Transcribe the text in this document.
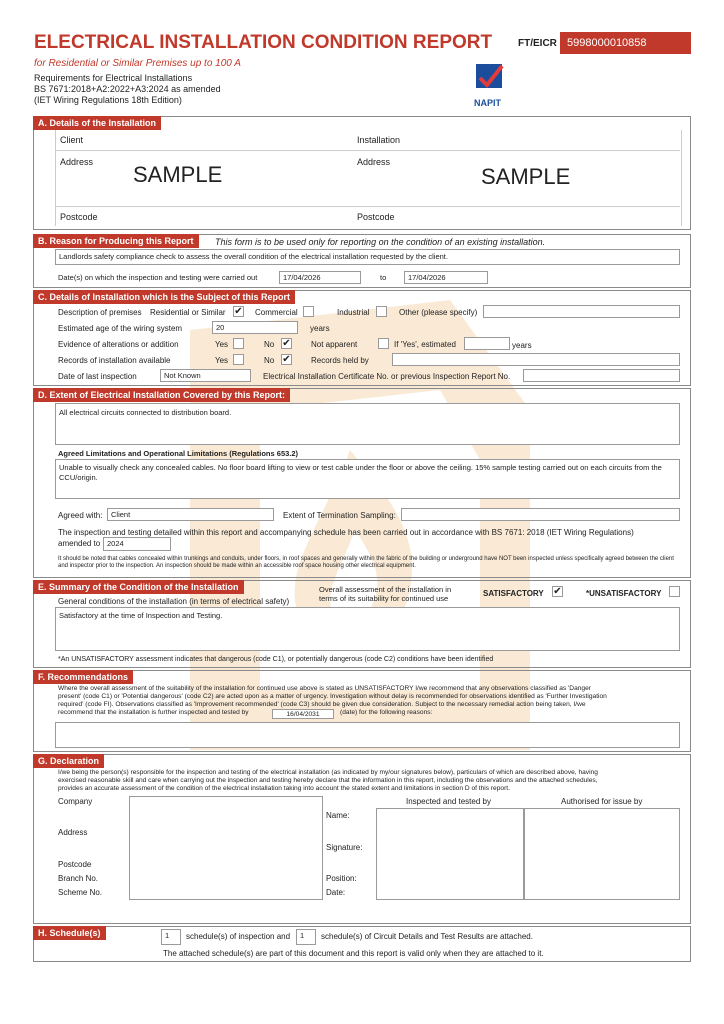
ELECTRICAL INSTALLATION CONDITION REPORT	FT/EICR 5998000010858
for Residential or Similar Premises up to 100 A
Requirements for Electrical Installations
BS 7671:2018+A2:2022+A3:2024 as amended
(IET Wiring Regulations 18th Edition)	NAPIT
A. Details of the Installation
Client	Installation
Address	Address
SAMPLE	SAMPLE
Postcode	Postcode
B. Reason for Producing this Report	This form is to be used only for reporting on the condition of an existing installation.
Landlords safety compliance check to assess the overall condition of the electrical installation requested by the client.
Date(s) on which the inspection and testing were carried out	17/04/2026	to	17/04/2026
C. Details of Installation which is the Subject of this Report
Description of premises Residential or Similar ✔ Commercial	Industrial	Other (please specify)
Estimated age of the wiring system	20	years
Evidence of alterations or addition	Yes	No ✔	Not apparent	If 'Yes', estimated	years
Records of installation available	Yes	No ✔	Records held by
Date of last inspection	Not Known	Electrical Installation Certificate No. or previous Inspection Report No.
D. Extent of Electrical Installation Covered by this Report:
All electrical circuits connected to distribution board.
Agreed Limitations and Operational Limitations (Regulations 653.2)
Unable to visually check any concealed cables. No floor board lifting to view or test cable under the floor or above the ceiling. 15% sample testing carried out on each circuits from the CCU/origin.
Agreed with:	Client	Extent of Termination Sampling:
The inspection and testing detailed within this report and accompanying schedule has been carried out in accordance with BS 7671: 2018 (IET Wiring Regulations)
amended to 2024
It should be noted that cables concealed within trunkings and conduits, under floors, in roof spaces and generally within the fabric of the building or underground have NOT been inspected unless specifically agreed between the client and inspector prior to the inspection. An inspection should be made within an accessible roof space housing other electrical equipment.
E. Summary of the Condition of the Installation
General conditions of the installation (in terms of electrical safety)
Overall assessment of the installation in terms of its suitability for continued use
SATISFACTORY ✔	*UNSATISFACTORY
Satisfactory at the time of Inspection and Testing.
*An UNSATISFACTORY assessment indicates that dangerous (code C1), or potentially dangerous (code C2) conditions have been identified
F. Recommendations
Where the overall assessment of the suitability of the installation for continued use above is stated as UNSATISFACTORY I/we recommend that any observations classified as 'Danger
present' (code C1) or 'Potential dangerous' (code C2) are acted upon as a matter of urgency. Investigation without delay is recommended for observations identified as 'Further Investigation
required' (code FI). Observations classified as 'Improvement recommended' (code C3) should be given due consideration. Subject to the necessary remedial action being taken, I/we
recommend that the installation is further inspected and tested by	16/04/2031	(date) for the following reasons:
G. Declaration
I/we being the person(s) responsible for the inspection and testing of the electrical installation (as indicated by my/our signatures below), particulars of which are described above, having
exercised reasonable skill and care when carrying out the inspection and testing hereby declare that the information in this report, including the observations and the attached schedules,
provides an accurate assessment of the condition of the electrical installation taking into account the stated extent and limitations in section D of this report.
Company
Address
Postcode
Branch No.
Scheme No.
Inspected and tested by	Authorised for issue by
Name:
Signature:
Position:
Date:
H. Schedule(s)	1	schedule(s) of inspection and	1	schedule(s) of Circuit Details and Test Results are attached.
The attached schedule(s) are part of this document and this report is valid only when they are attached to it.
